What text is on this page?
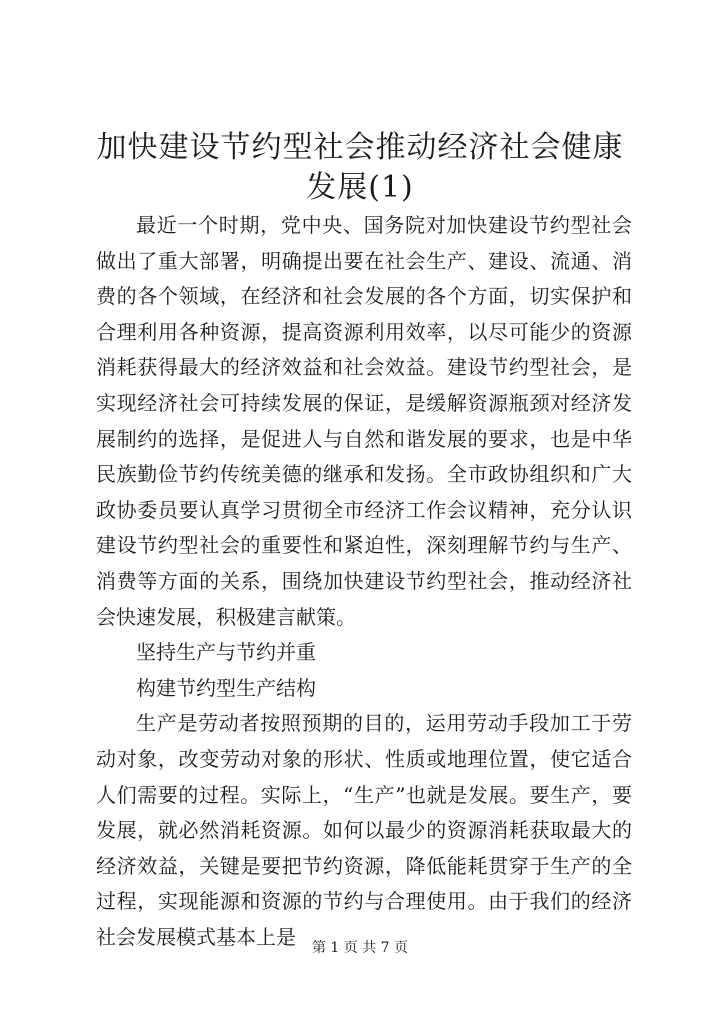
加快建设节约型社会推动经济社会健康发展(1)

最近一个时期，党中央、国务院对加快建设节约型社会做出了重大部署，明确提出要在社会生产、建设、流通、消费的各个领域，在经济和社会发展的各个方面，切实保护和合理利用各种资源，提高资源利用效率，以尽可能少的资源消耗获得最大的经济效益和社会效益。建设节约型社会，是实现经济社会可持续发展的保证，是缓解资源瓶颈对经济发展制约的选择，是促进人与自然和谐发展的要求，也是中华民族勤俭节约传统美德的继承和发扬。全市政协组织和广大政协委员要认真学习贯彻全市经济工作会议精神，充分认识建设节约型社会的重要性和紧迫性，深刻理解节约与生产、消费等方面的关系，围绕加快建设节约型社会，推动经济社会快速发展，积极建言献策。

坚持生产与节约并重

构建节约型生产结构

生产是劳动者按照预期的目的，运用劳动手段加工于劳动对象，改变劳动对象的形状、性质或地理位置，使它适合人们需要的过程。实际上，“生产”也就是发展。要生产，要发展，就必然消耗资源。如何以最少的资源消耗获取最大的经济效益，关键是要把节约资源，降低能耗贯穿于生产的全过程，实现能源和资源的节约与合理使用。由于我们的经济社会发展模式基本上是	第 1 页 共 7 页
